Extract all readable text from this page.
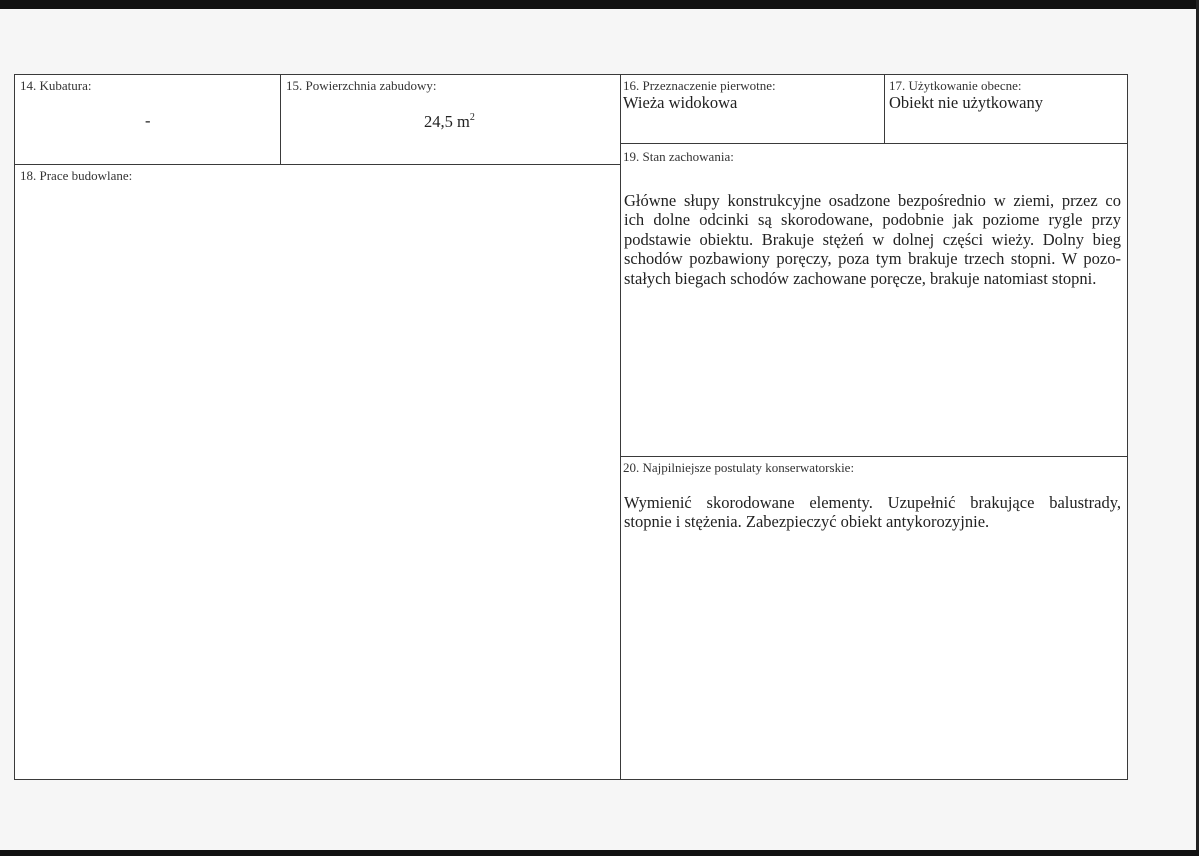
14. Kubatura:
-
15. Powierzchnia zabudowy:
24,5 $m^2$
16. Przeznaczenie pierwotne:
Wieża widokowa
17. Użytkowanie obecne:
Obiekt nie użytkowany
18. Prace budowlane:
19. Stan zachowania:
Główne słupy konstrukcyjne osadzone bezpośrednio w ziemi, przez co
ich dolne odcinki są skorodowane, podobnie jak poziome rygle przy
podstawie obiektu. Brakuje stężeń w dolnej części wieży. Dolny bieg
schodów pozbawiony poręczy, poza tym brakuje trzech stopni. W pozo-
stałych biegach schodów zachowane poręcze, brakuje natomiast stopni.
20. Najpilniejsze postulaty konserwatorskie:
Wymienić skorodowane elementy. Uzupełnić brakujące balustrady,
stopnie i stężenia. Zabezpieczyć obiekt antykorozyjnie.
